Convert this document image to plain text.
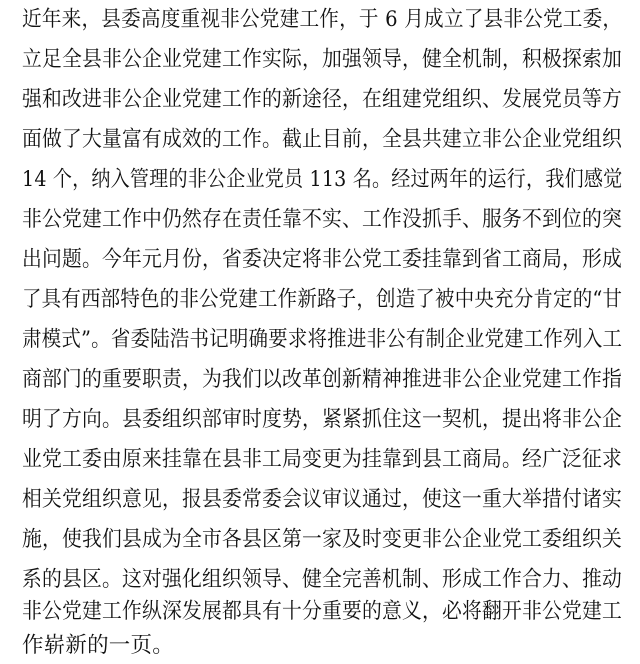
近年来，县委高度重视非公党建工作，于 6 月成立了县非公党工委，
立足全县非公企业党建工作实际，加强领导，健全机制，积极探索加
强和改进非公企业党建工作的新途径，在组建党组织、发展党员等方
面做了大量富有成效的工作。截止目前，全县共建立非公企业党组织
14 个，纳入管理的非公企业党员 113 名。经过两年的运行，我们感觉
非公党建工作中仍然存在责任靠不实、工作没抓手、服务不到位的突
出问题。今年元月份，省委决定将非公党工委挂靠到省工商局，形成
了具有西部特色的非公党建工作新路子，创造了被中央充分肯定的“甘
肃模式”。省委陆浩书记明确要求将推进非公有制企业党建工作列入工
商部门的重要职责，为我们以改革创新精神推进非公企业党建工作指
明了方向。县委组织部审时度势，紧紧抓住这一契机，提出将非公企
业党工委由原来挂靠在县非工局变更为挂靠到县工商局。经广泛征求
相关党组织意见，报县委常委会议审议通过，使这一重大举措付诸实
施，使我们县成为全市各县区第一家及时变更非公企业党工委组织关
系的县区。这对强化组织领导、健全完善机制、形成工作合力、推动
非公党建工作纵深发展都具有十分重要的意义，必将翻开非公党建工
作崭新的一页。
